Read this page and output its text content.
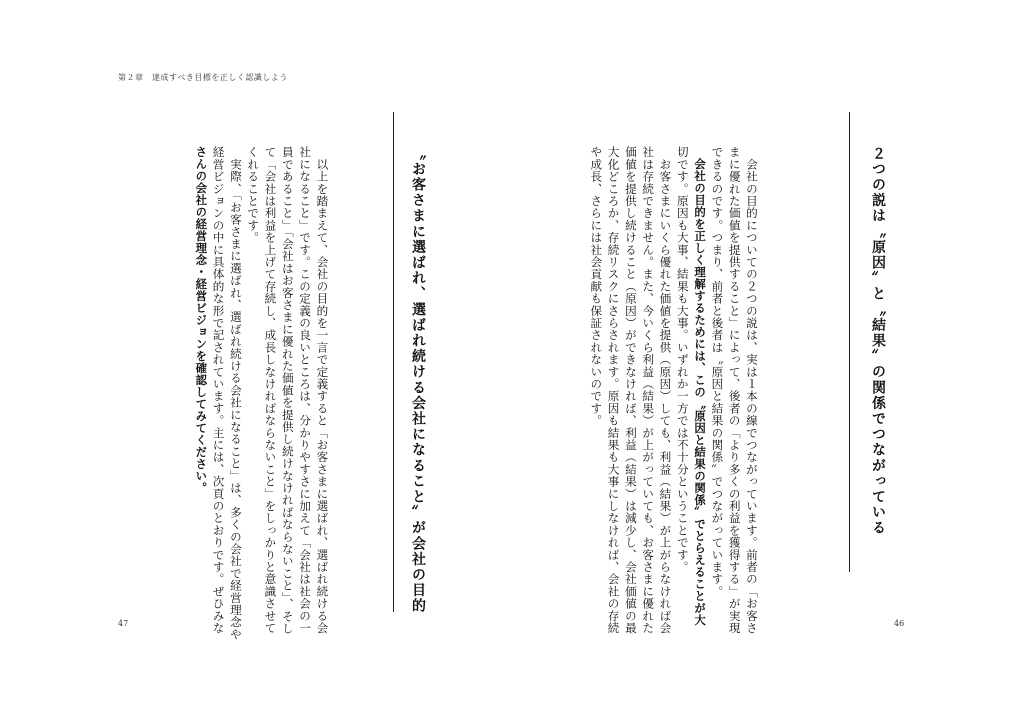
２つの説は〝原因〟と〝結果〟の関係でつながっている

　会社の目的についての２つの説は、実は１本の線でつながっています。前者の「お客さ

まに優れた価値を提供すること」によって、後者の「より多くの利益を獲得する」が実現

できるのです。つまり、前者と後者は〝原因と結果の関係〟でつながっています。

　会社の目的を正しく理解するためには、この〝原因と結果の関係〟でとらえることが大

切です。原因も大事、結果も大事。いずれか一方では不十分ということです。

　お客さまにいくら優れた価値を提供（原因）しても、利益（結果）が上がらなければ会

社は存続できません。また、今いくら利益（結果）が上がっていても、お客さまに優れた

価値を提供し続けること（原因）ができなければ、利益（結果）は減少し、会社価値の最

大化どころか、存続リスクにさらされます。原因も結果も大事にしなければ、会社の存続

や成長、さらには社会貢献も保証されないのです。

46
第２章　達成すべき目標を正しく認識しよう
〝お客さまに選ばれ、選ばれ続ける会社になること〟が会社の目的

　以上を踏まえて、会社の目的を一言で定義すると「お客さまに選ばれ、選ばれ続ける会

社になること」です。この定義の良いところは、分かりやすさに加えて「会社は社会の一

員であること」「会社はお客さまに優れた価値を提供し続けなければならないこと」、そし

て「会社は利益を上げて存続し、成長しなければならないこと」をしっかりと意識させて

くれることです。

　実際、「お客さまに選ばれ、選ばれ続ける会社になること」は、多くの会社で経営理念や

経営ビジョンの中に具体的な形で記されています。主には、次頁のとおりです。ぜひみな

さんの会社の経営理念・経営ビジョンを確認してみてください。

47
